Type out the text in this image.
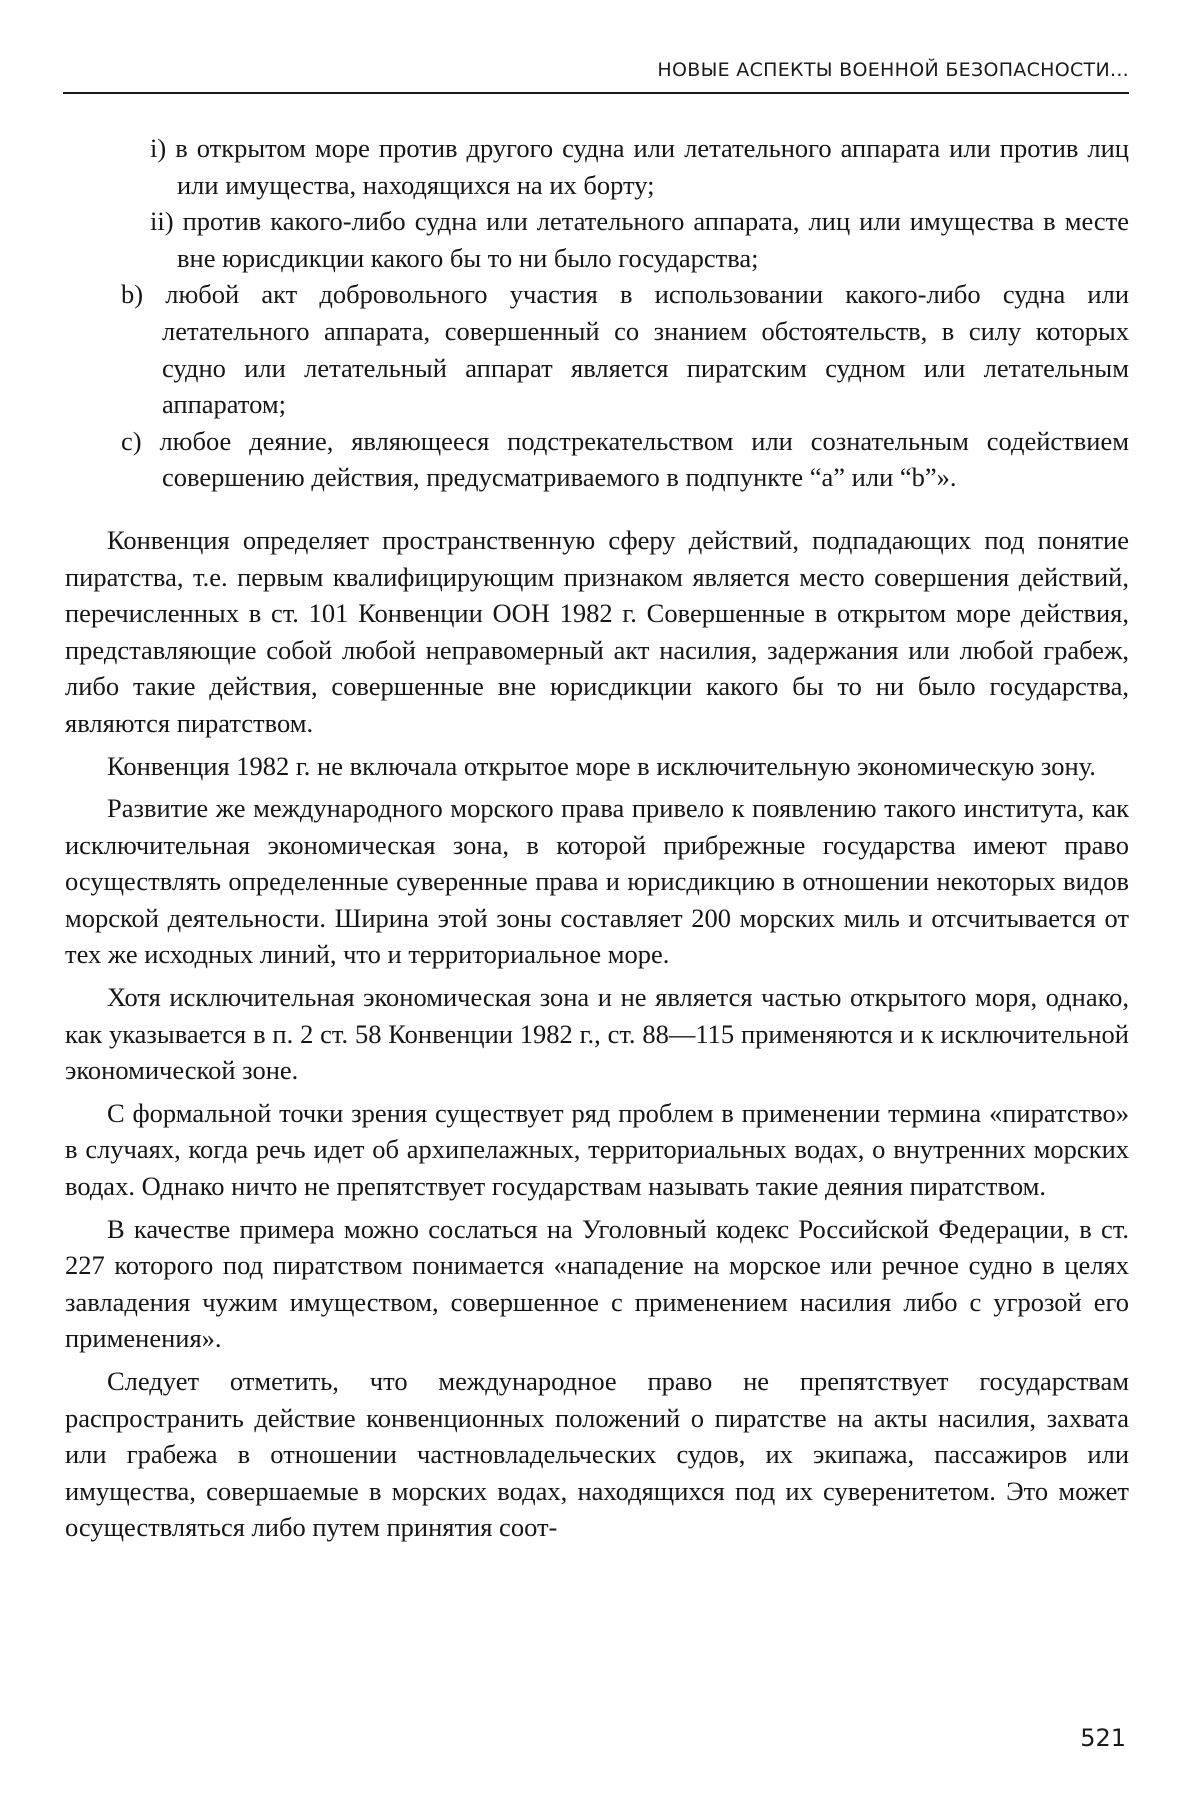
НОВЫЕ АСПЕКТЫ ВОЕННОЙ БЕЗОПАСНОСТИ...
i) в открытом море против другого судна или летательного аппарата или против лиц или имущества, находящихся на их борту;
ii) против какого-либо судна или летательного аппарата, лиц или имущества в месте вне юрисдикции какого бы то ни было государства;
b) любой акт добровольного участия в использовании какого-либо судна или летательного аппарата, совершенный со знанием обстоятельств, в силу которых судно или летательный аппарат является пиратским судном или летательным аппаратом;
c) любое деяние, являющееся подстрекательством или сознательным содействием совершению действия, предусматриваемого в подпункте “а” или “b”».

Конвенция определяет пространственную сферу действий, подпадающих под понятие пиратства, т.е. первым квалифицирующим признаком является место совершения действий, перечисленных в ст. 101 Конвенции ООН 1982 г. Совершенные в открытом море действия, представляющие собой любой неправомерный акт насилия, задержания или любой грабеж, либо такие действия, совершенные вне юрисдикции какого бы то ни было государства, являются пиратством.

Конвенция 1982 г. не включала открытое море в исключительную экономическую зону.

Развитие же международного морского права привело к появлению такого института, как исключительная экономическая зона, в которой прибрежные государства имеют право осуществлять определенные суверенные права и юрисдикцию в отношении некоторых видов морской деятельности. Ширина этой зоны составляет 200 морских миль и отсчитывается от тех же исходных линий, что и территориальное море.

Хотя исключительная экономическая зона и не является частью открытого моря, однако, как указывается в п. 2 ст. 58 Конвенции 1982 г., ст. 88—115 применяются и к исключительной экономической зоне.

С формальной точки зрения существует ряд проблем в применении термина «пиратство» в случаях, когда речь идет об архипелажных, территориальных водах, о внутренних морских водах. Однако ничто не препятствует государствам называть такие деяния пиратством.

В качестве примера можно сослаться на Уголовный кодекс Российской Федерации, в ст. 227 которого под пиратством понимается «нападение на морское или речное судно в целях завладения чужим имуществом, совершенное с применением насилия либо с угрозой его применения».

Следует отметить, что международное право не препятствует государствам распространить действие конвенционных положений о пиратстве на акты насилия, захвата или грабежа в отношении частновладельческих судов, их экипажа, пассажиров или имущества, совершаемые в морских водах, находящихся под их суверенитетом. Это может осуществляться либо путем принятия соот-

521
